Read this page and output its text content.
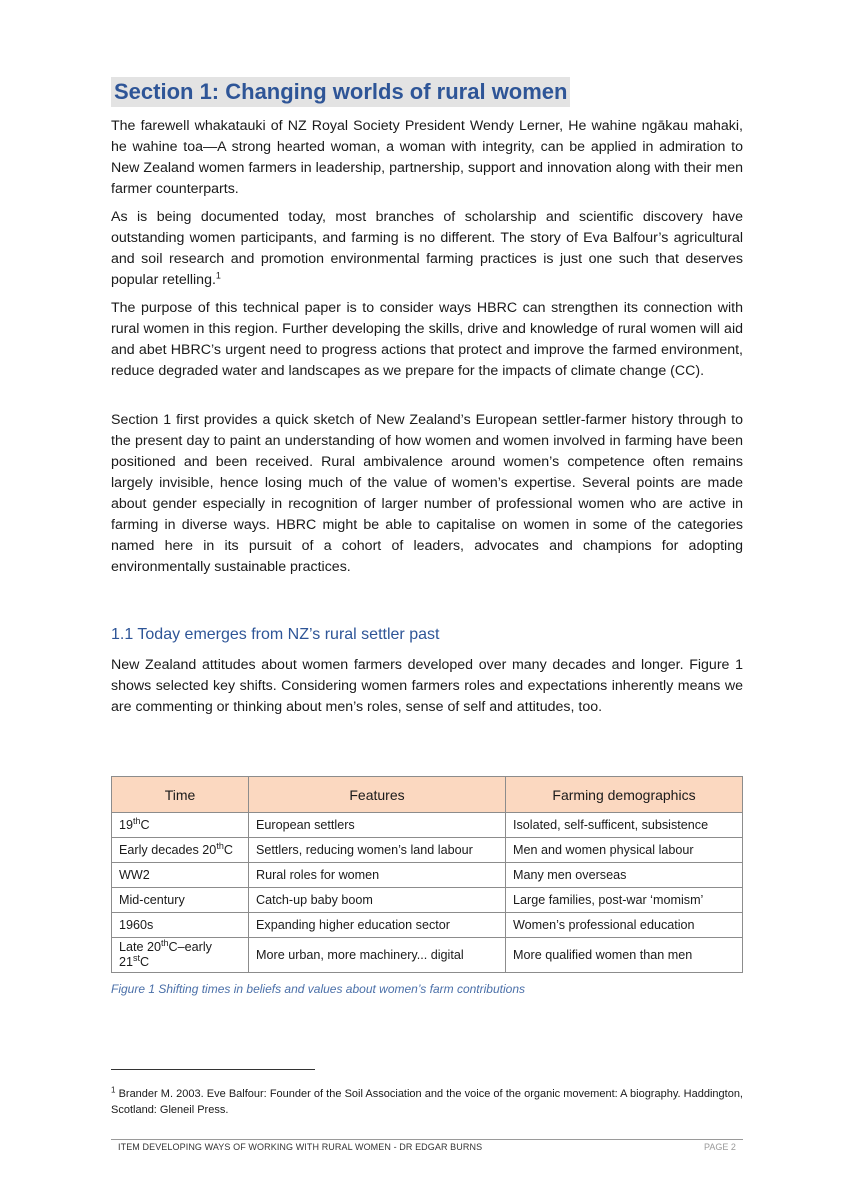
Section 1: Changing worlds of rural women

The farewell whakatauki of NZ Royal Society President Wendy Lerner, He wahine ngākau mahaki, he wahine toa—A strong hearted woman, a woman with integrity, can be applied in admiration to New Zealand women farmers in leadership, partnership, support and innovation along with their men farmer counterparts.

As is being documented today, most branches of scholarship and scientific discovery have outstanding women participants, and farming is no different. The story of Eva Balfour’s agricultural and soil research and promotion environmental farming practices is just one such that deserves popular retelling.$^1$

The purpose of this technical paper is to consider ways HBRC can strengthen its connection with rural women in this region. Further developing the skills, drive and knowledge of rural women will aid and abet HBRC’s urgent need to progress actions that protect and improve the farmed environment, reduce degraded water and landscapes as we prepare for the impacts of climate change (CC).

Section 1 first provides a quick sketch of New Zealand’s European settler-farmer history through to the present day to paint an understanding of how women and women involved in farming have been positioned and been received. Rural ambivalence around women’s competence often remains largely invisible, hence losing much of the value of women’s expertise. Several points are made about gender especially in recognition of larger number of professional women who are active in farming in diverse ways. HBRC might be able to capitalise on women in some of the categories named here in its pursuit of a cohort of leaders, advocates and champions for adopting environmentally sustainable practices.

1.1 Today emerges from NZ’s rural settler past

New Zealand attitudes about women farmers developed over many decades and longer. Figure 1 shows selected key shifts. Considering women farmers roles and expectations inherently means we are commenting or thinking about men’s roles, sense of self and attitudes, too.

Time	Features	Farming demographics
19thC	European settlers	Isolated, self-sufficent, subsistence
Early decades 20thC	Settlers, reducing women’s land labour	Men and women physical labour
WW2	Rural roles for women	Many men overseas
Mid-century	Catch-up baby boom	Large families, post-war ‘momism’
1960s	Expanding higher education sector	Women’s professional education
Late 20thC–early 21stC	More urban, more machinery... digital	More qualified women than men
Figure 1 Shifting times in beliefs and values about women’s farm contributions

$^1$ Brander M. 2003. Eve Balfour: Founder of the Soil Association and the voice of the organic movement: A biography. Haddington, Scotland: Gleneil Press.

ITEM DEVELOPING WAYS OF WORKING WITH RURAL WOMEN - DR EDGAR BURNS	PAGE 2
